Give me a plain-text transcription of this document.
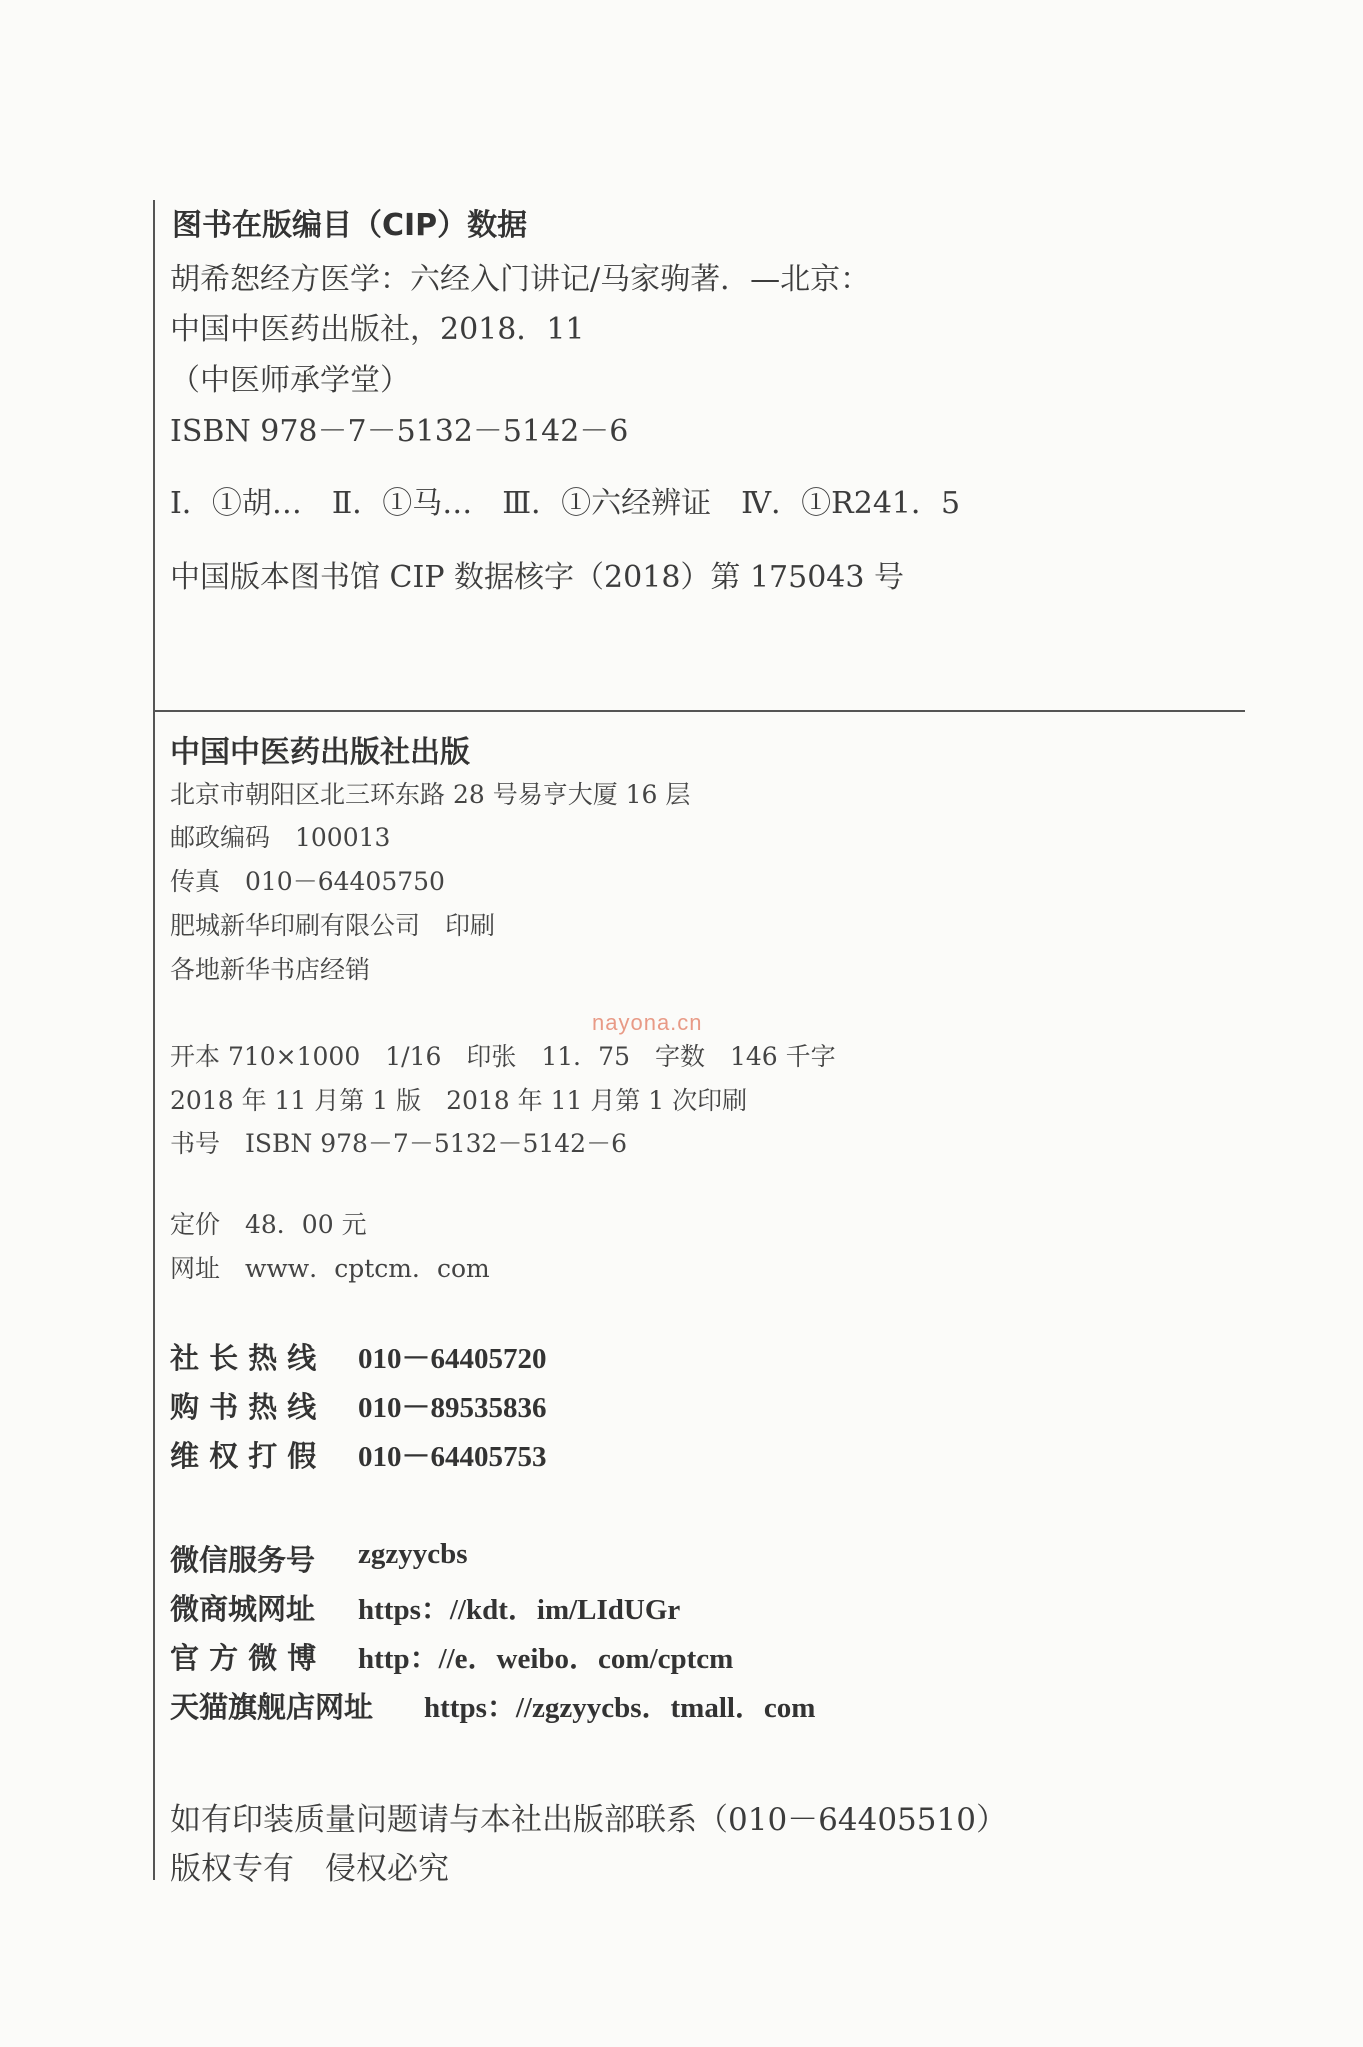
图书在版编目（CIP）数据
胡希恕经方医学：六经入门讲记/马家驹著．—北京：
中国中医药出版社，2018．11
（中医师承学堂）
ISBN 978－7－5132－5142－6
Ⅰ．①胡…　Ⅱ．①马…　Ⅲ．①六经辨证　Ⅳ．①R241．5
中国版本图书馆 CIP 数据核字（2018）第 175043 号
中国中医药出版社出版
北京市朝阳区北三环东路 28 号易亨大厦 16 层
邮政编码　100013
传真　010－64405750
肥城新华印刷有限公司　印刷
各地新华书店经销
nayona.cn
开本 710×1000　1/16　印张　11．75　字数　146 千字
2018 年 11 月第 1 版　2018 年 11 月第 1 次印刷
书号　ISBN 978－7－5132－5142－6
定价　48．00 元
网址　www．cptcm．com
社 长 热 线 010－64405720
购 书 热 线 010－89535836
维 权 打 假 010－64405753
微信服务号 zgzyycbs
微商城网址 https：//kdt．im/LIdUGr
官 方 微 博 http：//e．weibo．com/cptcm
天猫旗舰店网址 https：//zgzyycbs．tmall．com
如有印装质量问题请与本社出版部联系（010－64405510）
版权专有　侵权必究
